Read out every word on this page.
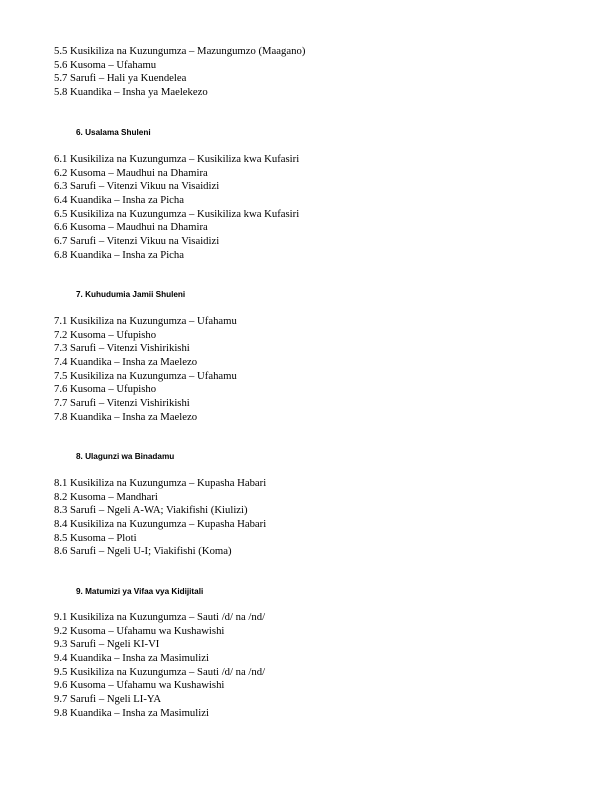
5.5 Kusikiliza na Kuzungumza – Mazungumzo (Maagano)

5.6 Kusoma – Ufahamu

5.7 Sarufi – Hali ya Kuendelea

5.8 Kuandika – Insha ya Maelekezo

6. Usalama Shuleni

6.1 Kusikiliza na Kuzungumza – Kusikiliza kwa Kufasiri

6.2 Kusoma – Maudhui na Dhamira

6.3 Sarufi – Vitenzi Vikuu na Visaidizi

6.4 Kuandika – Insha za Picha

6.5 Kusikiliza na Kuzungumza – Kusikiliza kwa Kufasiri

6.6 Kusoma – Maudhui na Dhamira

6.7 Sarufi – Vitenzi Vikuu na Visaidizi

6.8 Kuandika – Insha za Picha

7. Kuhudumia Jamii Shuleni

7.1 Kusikiliza na Kuzungumza – Ufahamu

7.2 Kusoma – Ufupisho

7.3 Sarufi – Vitenzi Vishirikishi

7.4 Kuandika – Insha za Maelezo

7.5 Kusikiliza na Kuzungumza – Ufahamu

7.6 Kusoma – Ufupisho

7.7 Sarufi – Vitenzi Vishirikishi

7.8 Kuandika – Insha za Maelezo

8. Ulagunzi wa Binadamu

8.1 Kusikiliza na Kuzungumza – Kupasha Habari

8.2 Kusoma – Mandhari

8.3 Sarufi – Ngeli A-WA; Viakifishi (Kiulizi)

8.4 Kusikiliza na Kuzungumza – Kupasha Habari

8.5 Kusoma – Ploti

8.6 Sarufi – Ngeli U-I; Viakifishi (Koma)

9. Matumizi ya Vifaa vya Kidijitali

9.1 Kusikiliza na Kuzungumza – Sauti /d/ na /nd/

9.2 Kusoma – Ufahamu wa Kushawishi

9.3 Sarufi – Ngeli KI-VI

9.4 Kuandika – Insha za Masimulizi

9.5 Kusikiliza na Kuzungumza – Sauti /d/ na /nd/

9.6 Kusoma – Ufahamu wa Kushawishi

9.7 Sarufi – Ngeli LI-YA

9.8 Kuandika – Insha za Masimulizi
